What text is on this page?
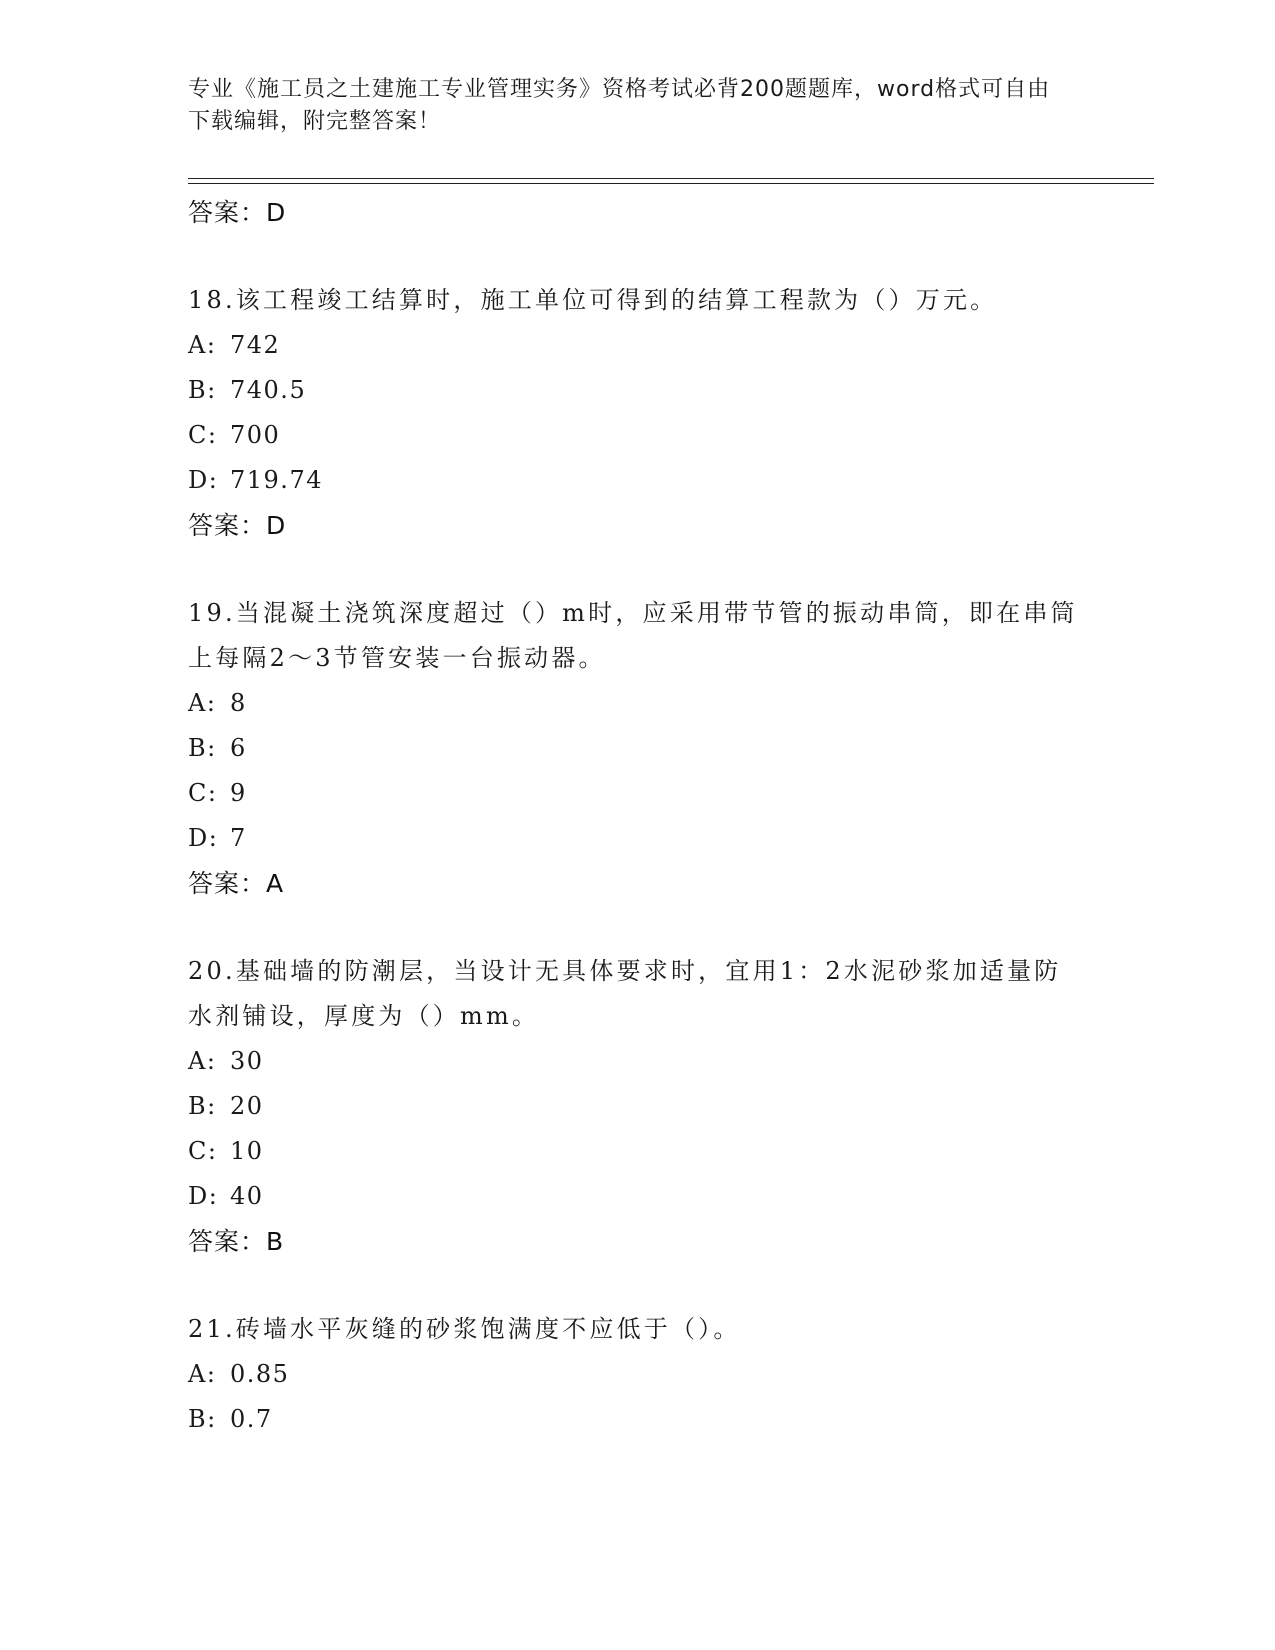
专业《施工员之土建施工专业管理实务》资格考试必背200题题库，word格式可自由下载编辑，附完整答案！
答案：D
18.该工程竣工结算时，施工单位可得到的结算工程款为（）万元。
A: 742
B: 740.5
C: 700
D: 719.74
答案：D
19.当混凝土浇筑深度超过（）m时，应采用带节管的振动串筒，即在串筒上每隔2～3节管安装一台振动器。
A: 8
B: 6
C: 9
D: 7
答案：A
20.基础墙的防潮层，当设计无具体要求时，宜用1：2水泥砂浆加适量防水剂铺设，厚度为（）mm。
A: 30
B: 20
C: 10
D: 40
答案：B
21.砖墙水平灰缝的砂浆饱满度不应低于（）。
A: 0.85
B: 0.7
